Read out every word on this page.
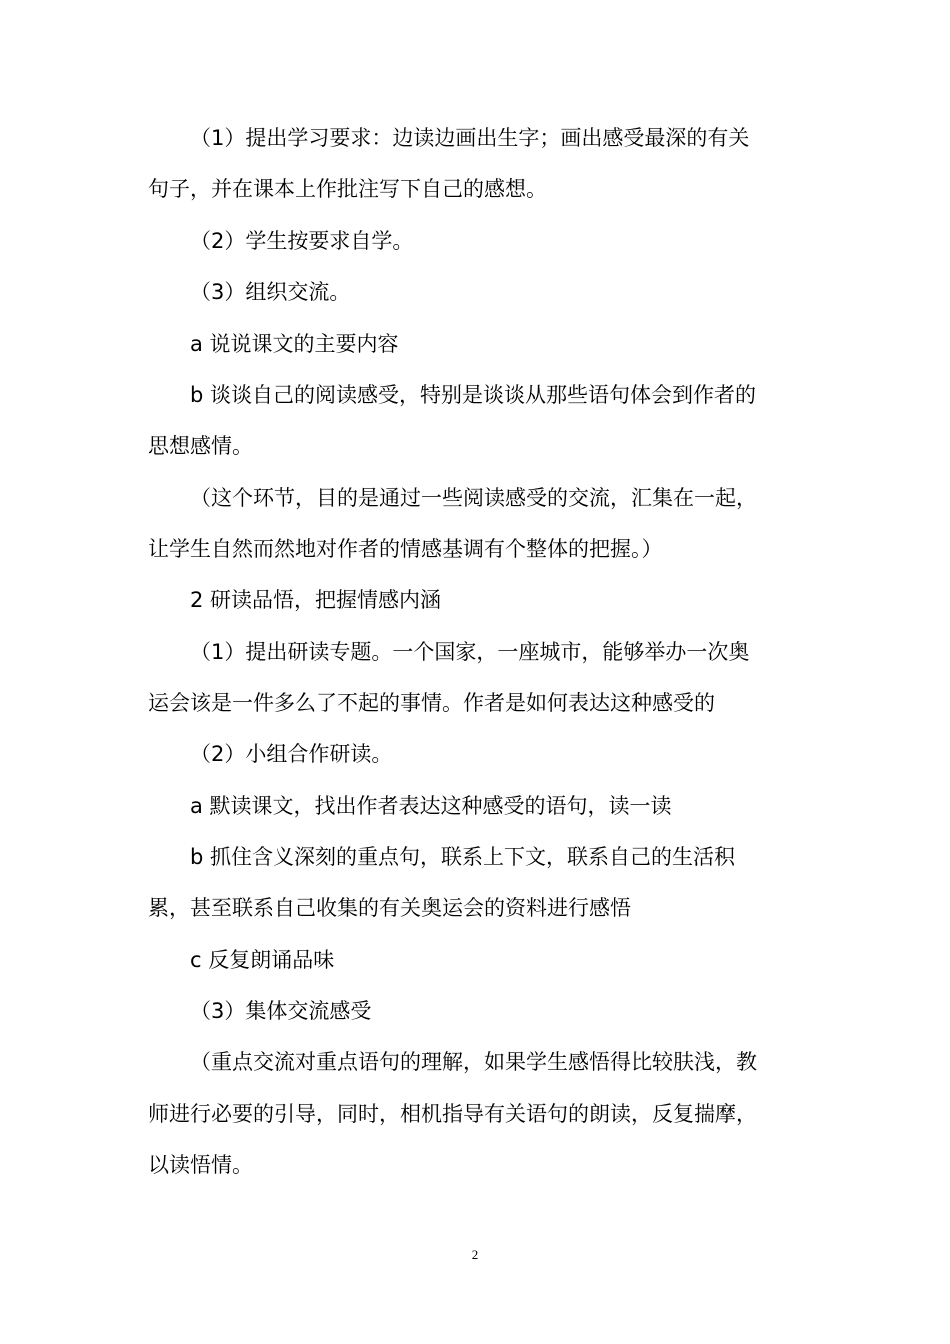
（1）提出学习要求：边读边画出生字；画出感受最深的有关
句子，并在课本上作批注写下自己的感想。
（2）学生按要求自学。
（3）组织交流。
a 说说课文的主要内容
b 谈谈自己的阅读感受，特别是谈谈从那些语句体会到作者的
思想感情。
（这个环节，目的是通过一些阅读感受的交流，汇集在一起，
让学生自然而然地对作者的情感基调有个整体的把握。）
2 研读品悟，把握情感内涵
（1）提出研读专题。一个国家，一座城市，能够举办一次奥
运会该是一件多么了不起的事情。作者是如何表达这种感受的
（2）小组合作研读。
a 默读课文，找出作者表达这种感受的语句，读一读
b 抓住含义深刻的重点句，联系上下文，联系自己的生活积
累，甚至联系自己收集的有关奥运会的资料进行感悟
c 反复朗诵品味
（3）集体交流感受
（重点交流对重点语句的理解，如果学生感悟得比较肤浅，教
师进行必要的引导，同时，相机指导有关语句的朗读，反复揣摩，
以读悟情。
2
